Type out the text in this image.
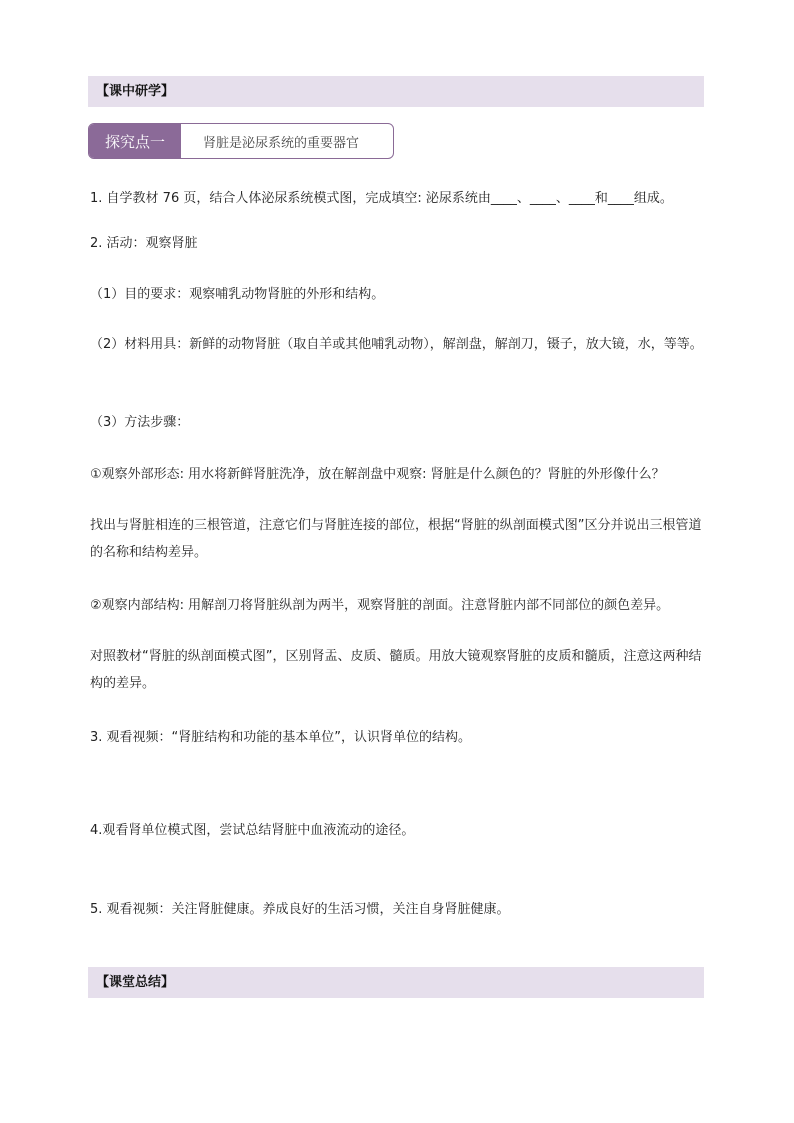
【课中研学】
探究点一	肾脏是泌尿系统的重要器官

1. 自学教材 76 页，结合人体泌尿系统模式图，完成填空: 泌尿系统由____、____、____和____组成。

2. 活动：观察肾脏

（1）目的要求：观察哺乳动物肾脏的外形和结构。

（2）材料用具：新鲜的动物肾脏（取自羊或其他哺乳动物），解剖盘，解剖刀，镊子，放大镜，水，等等。

（3）方法步骤：

①观察外部形态: 用水将新鲜肾脏洗净，放在解剖盘中观察: 肾脏是什么颜色的？肾脏的外形像什么？

找出与肾脏相连的三根管道，注意它们与肾脏连接的部位，根据“肾脏的纵剖面模式图”区分并说出三根管道的名称和结构差异。

②观察内部结构: 用解剖刀将肾脏纵剖为两半，观察肾脏的剖面。注意肾脏内部不同部位的颜色差异。

对照教材“肾脏的纵剖面模式图”，区别肾盂、皮质、髓质。用放大镜观察肾脏的皮质和髓质，注意这两种结构的差异。

3. 观看视频：“肾脏结构和功能的基本单位”，认识肾单位的结构。

4.观看肾单位模式图，尝试总结肾脏中血液流动的途径。

5. 观看视频：关注肾脏健康。养成良好的生活习惯，关注自身肾脏健康。

【课堂总结】
